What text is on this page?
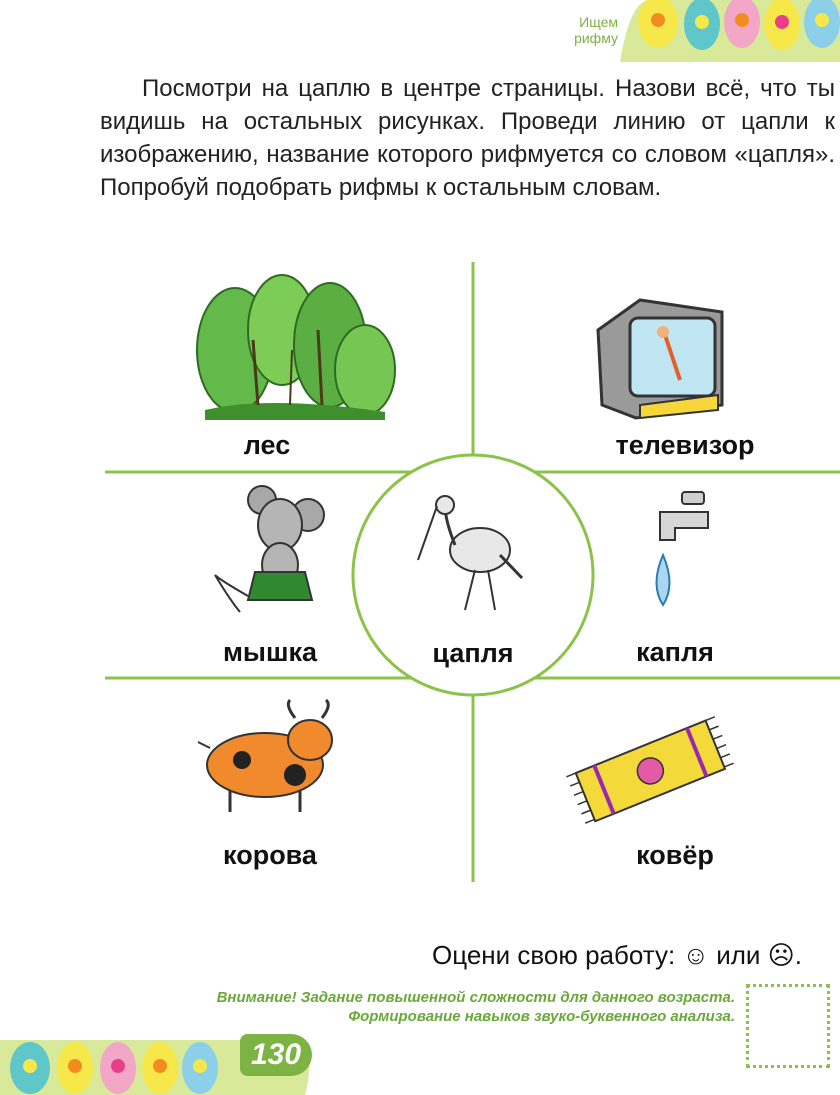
Ищем рифму
Посмотри на цаплю в центре страницы. Назови всё, что ты видишь на остальных рисунках. Проведи линию от цапли к изображению, название которого рифмуется со словом «цапля». Попробуй подобрать рифмы к остальным словам.
лес	телевизор
мышка	цапля	капля
корова	ковёр
Оцени свою работу: ☺ или ☹.
Внимание! Задание повышенной сложности для данного возраста.
Формирование навыков звуко-буквенного анализа.
130
